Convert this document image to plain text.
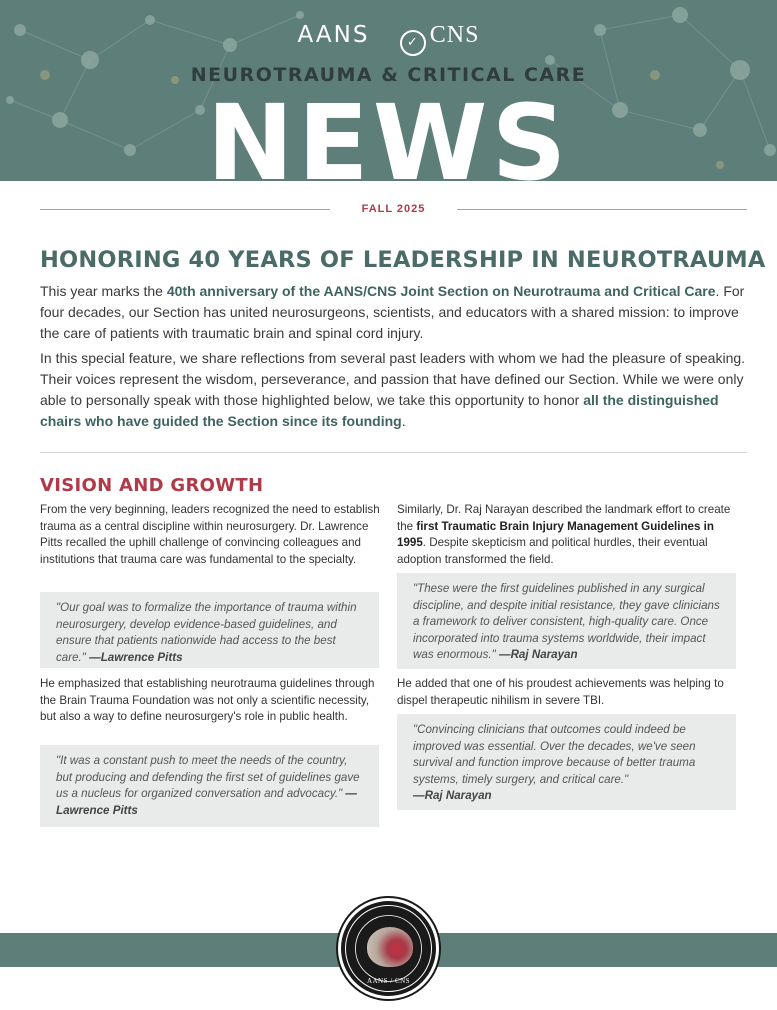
AANS	✓ CNS
NEUROTRAUMA & CRITICAL CARE
NEWS
FALL 2025
HONORING 40 YEARS OF LEADERSHIP IN NEUROTRAUMA

This year marks the 40th anniversary of the AANS/CNS Joint Section on Neurotrauma and Critical Care. For four decades, our Section has united neurosurgeons, scientists, and educators with a shared mission: to improve the care of patients with traumatic brain and spinal cord injury.

In this special feature, we share reflections from several past leaders with whom we had the pleasure of speaking. Their voices represent the wisdom, perseverance, and passion that have defined our Section. While we were only able to personally speak with those highlighted below, we take this opportunity to honor all the distinguished chairs who have guided the Section since its founding.

VISION AND GROWTH

From the very beginning, leaders recognized the need to establish trauma as a central discipline within neurosurgery. Dr. Lawrence Pitts recalled the uphill challenge of convincing colleagues and institutions that trauma care was fundamental to the specialty.

"Our goal was to formalize the importance of trauma within neurosurgery, develop evidence-based guidelines, and ensure that patients nationwide had access to the best care." —Lawrence Pitts

He emphasized that establishing neurotrauma guidelines through the Brain Trauma Foundation was not only a scientific necessity, but also a way to define neurosurgery's role in public health.

"It was a constant push to meet the needs of the country, but producing and defending the first set of guidelines gave us a nucleus for organized conversation and advocacy." —Lawrence Pitts

Similarly, Dr. Raj Narayan described the landmark effort to create the first Traumatic Brain Injury Management Guidelines in 1995. Despite skepticism and political hurdles, their eventual adoption transformed the field.

"These were the first guidelines published in any surgical discipline, and despite initial resistance, they gave clinicians a framework to deliver consistent, high-quality care. Once incorporated into trauma systems worldwide, their impact was enormous." —Raj Narayan

He added that one of his proudest achievements was helping to dispel therapeutic nihilism in severe TBI.

"Convincing clinicians that outcomes could indeed be improved was essential. Over the decades, we've seen survival and function improve because of better trauma systems, timely surgery, and critical care."
—Raj Narayan
AANS / CNS
